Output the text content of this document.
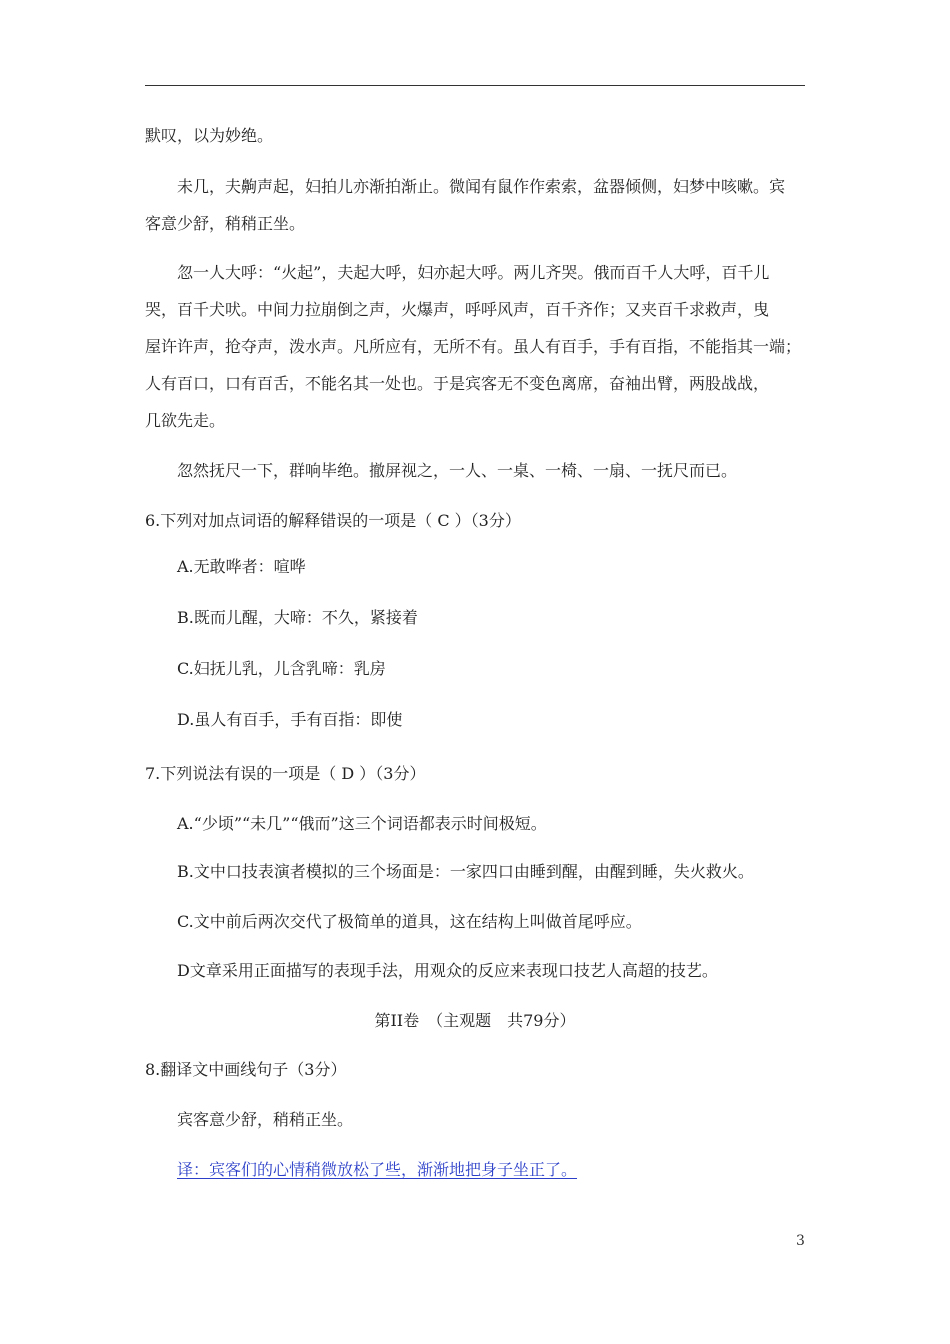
默叹，以为妙绝。
未几，夫齁声起，妇拍儿亦渐拍渐止。微闻有鼠作作索索，盆器倾侧，妇梦中咳嗽。宾
客意少舒，稍稍正坐。
忽一人大呼：“火起”，夫起大呼，妇亦起大呼。两儿齐哭。俄而百千人大呼，百千儿
哭，百千犬吠。中间力拉崩倒之声，火爆声，呼呼风声，百千齐作；又夹百千求救声，曳
屋许许声，抢夺声，泼水声。凡所应有，无所不有。虽人有百手，手有百指，不能指其一端；
人有百口，口有百舌，不能名其一处也。于是宾客无不变色离席，奋袖出臂，两股战战，
几欲先走。
忽然抚尺一下，群响毕绝。撤屏视之，一人、一桌、一椅、一扇、一抚尺而已。
6.下列对加点词语的解释错误的一项是（ C ）（3分）
A.无敢哗者：喧哗
B.既而儿醒，大啼：不久，紧接着
C.妇抚儿乳，儿含乳啼：乳房
D.虽人有百手，手有百指：即使
7.下列说法有误的一项是（ D ）（3分）
A.“少顷”“未几”“俄而”这三个词语都表示时间极短。
B.文中口技表演者模拟的三个场面是：一家四口由睡到醒，由醒到睡，失火救火。
C.文中前后两次交代了极简单的道具，这在结构上叫做首尾呼应。
D文章采用正面描写的表现手法，用观众的反应来表现口技艺人高超的技艺。
第II卷　（主观题　共79分）
8.翻译文中画线句子（3分）
宾客意少舒，稍稍正坐。
译：宾客们的心情稍微放松了些，渐渐地把身子坐正了。
3
